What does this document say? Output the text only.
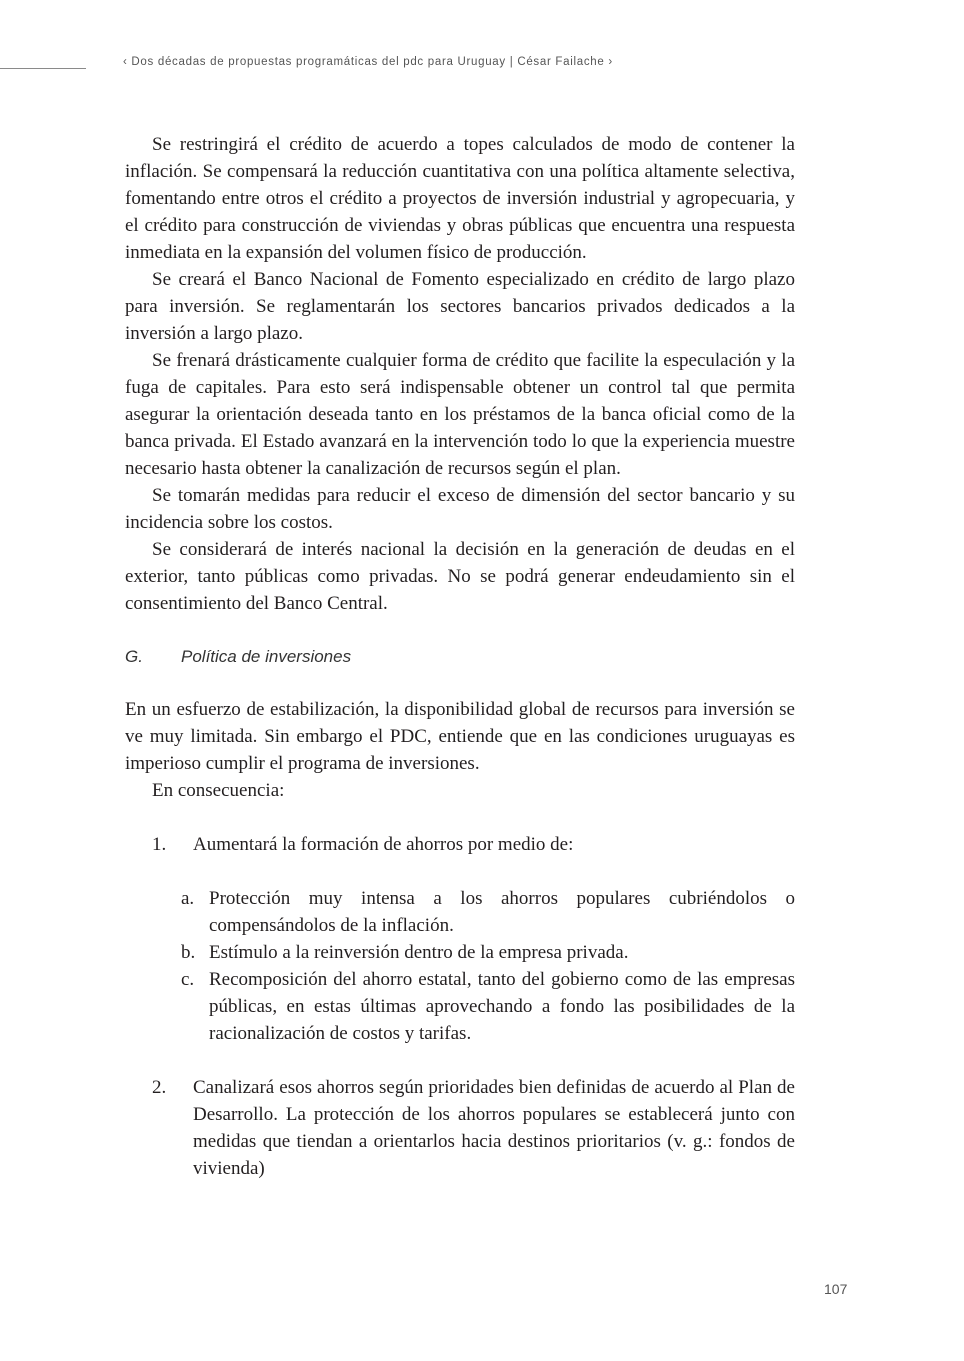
‹ Dos décadas de propuestas programáticas del pdc para Uruguay | César Failache ›

Se restringirá el crédito de acuerdo a topes calculados de modo de contener la inflación. Se compensará la reducción cuantitativa con una política altamente selectiva, fomentando entre otros el crédito a proyectos de inversión industrial y agropecuaria, y el crédito para construcción de viviendas y obras públicas que encuentra una respuesta inmediata en la expansión del volumen físico de producción.

Se creará el Banco Nacional de Fomento especializado en crédito de largo plazo para inversión. Se reglamentarán los sectores bancarios privados dedicados a la inversión a largo plazo.

Se frenará drásticamente cualquier forma de crédito que facilite la especulación y la fuga de capitales. Para esto será indispensable obtener un control tal que permita asegurar la orientación deseada tanto en los préstamos de la banca oficial como de la banca privada. El Estado avanzará en la intervención todo lo que la experiencia muestre necesario hasta obtener la canalización de recursos según el plan.

Se tomarán medidas para reducir el exceso de dimensión del sector bancario y su incidencia sobre los costos.

Se considerará de interés nacional la decisión en la generación de deudas en el exterior, tanto públicas como privadas. No se podrá generar endeudamiento sin el consentimiento del Banco Central.

G. Política de inversiones

En un esfuerzo de estabilización, la disponibilidad global de recursos para inversión se ve muy limitada. Sin embargo el PDC, entiende que en las condiciones uruguayas es imperioso cumplir el programa de inversiones.

En consecuencia:

1.	Aumentará la formación de ahorros por medio de:
a. Protección muy intensa a los ahorros populares cubriéndolos o compensándolos de la inflación.
b. Estímulo a la reinversión dentro de la empresa privada.
c. Recomposición del ahorro estatal, tanto del gobierno como de las empresas públicas, en estas últimas aprovechando a fondo las posibilidades de la racionalización de costos y tarifas.
2.	Canalizará esos ahorros según prioridades bien definidas de acuerdo al Plan de Desarrollo. La protección de los ahorros populares se establecerá junto con medidas que tiendan a orientarlos hacia destinos prioritarios (v. g.: fondos de vivienda)
107
